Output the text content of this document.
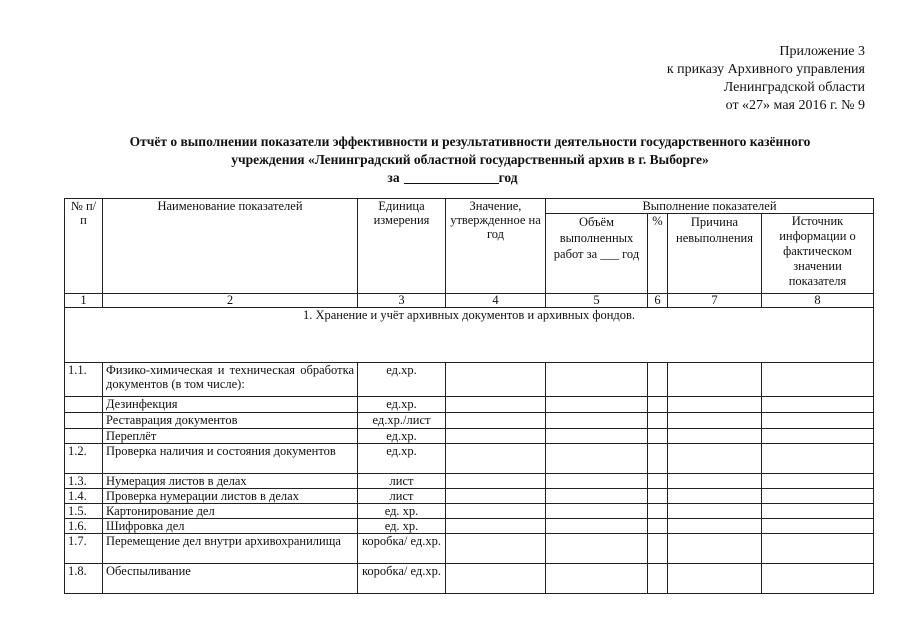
Приложение 3
к приказу Архивного управления
Ленинградской области
от «27» мая 2016 г. № 9
Отчёт о выполнении показатели эффективности и результативности деятельности государственного казённого
учреждения «Ленинградский областной государственный архив в г. Выборге»
за	год
№ п/п	Наименование показателей	Единица измерения	Значение, утвержденное на год	Выполнение показателей			
				Объём выполненных работ за ___ год	%	Причина невыполнения	Источник информации о фактическом значении показателя
1	2	3	4	5	6	7	8
1. Хранение и учёт архивных документов и архивных фондов.							
1.1.	Физико-химическая и техническая обработка документов (в том числе):	ед.хр.					
	Дезинфекция	ед.хр.					
	Реставрация документов	ед.хр./лист					
	Переплёт	ед.хр.					
1.2.	Проверка наличия и состояния документов	ед.хр.					
1.3.	Нумерация листов в делах	лист					
1.4.	Проверка нумерации листов в делах	лист					
1.5.	Картонирование дел	ед. хр.					
1.6.	Шифровка дел	ед. хр.					
1.7.	Перемещение дел внутри архивохранилища	коробка/ ед.хр.					
1.8.	Обеспыливание	коробка/ ед.хр.					
